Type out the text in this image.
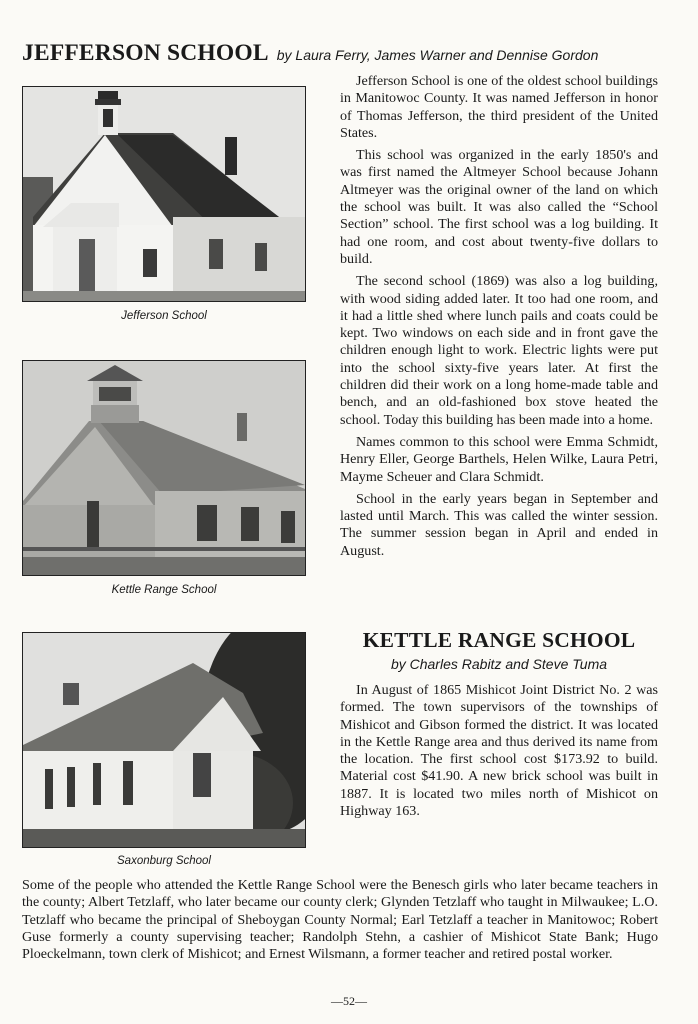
JEFFERSON SCHOOL by Laura Ferry, James Warner and Dennise Gordon
Jefferson School
Kettle Range School
Saxonburg School

Jefferson School is one of the oldest school buildings in Manitowoc County. It was named Jefferson in honor of Thomas Jefferson, the third president of the United States.

This school was organized in the early 1850's and was first named the Altmeyer School because Johann Altmeyer was the original owner of the land on which the school was built. It was also called the “School Section” school. The first school was a log building. It had one room, and cost about twenty-five dollars to build.

The second school (1869) was also a log building, with wood siding added later. It too had one room, and it had a little shed where lunch pails and coats could be kept. Two windows on each side and in front gave the children enough light to work. Electric lights were put into the school sixty-five years later. At first the children did their work on a long home-made table and bench, and an old-fashioned box stove heated the school. Today this building has been made into a home.

Names common to this school were Emma Schmidt, Henry Eller, George Barthels, Helen Wilke, Laura Petri, Mayme Scheuer and Clara Schmidt.

School in the early years began in September and lasted until March. This was called the winter session. The summer session began in April and ended in August.

KETTLE RANGE SCHOOL
by Charles Rabitz and Steve Tuma

In August of 1865 Mishicot Joint District No. 2 was formed. The town supervisors of the townships of Mishicot and Gibson formed the district. It was located in the Kettle Range area and thus derived its name from the location. The first school cost $173.92 to build. Material cost $41.90. A new brick school was built in 1887. It is located two miles north of Mishicot on Highway 163.

Some of the people who attended the Kettle Range School were the Benesch girls who later became teachers in the county; Albert Tetzlaff, who later became our county clerk; Glynden Tetzlaff who taught in Milwaukee; L.O. Tetzlaff who became the principal of Sheboygan County Normal; Earl Tetzlaff a teacher in Manitowoc; Robert Guse formerly a county supervising teacher; Randolph Stehn, a cashier of Mishicot State Bank; Hugo Ploeckelmann, town clerk of Mishicot; and Ernest Wilsmann, a former teacher and retired postal worker.
—52—
